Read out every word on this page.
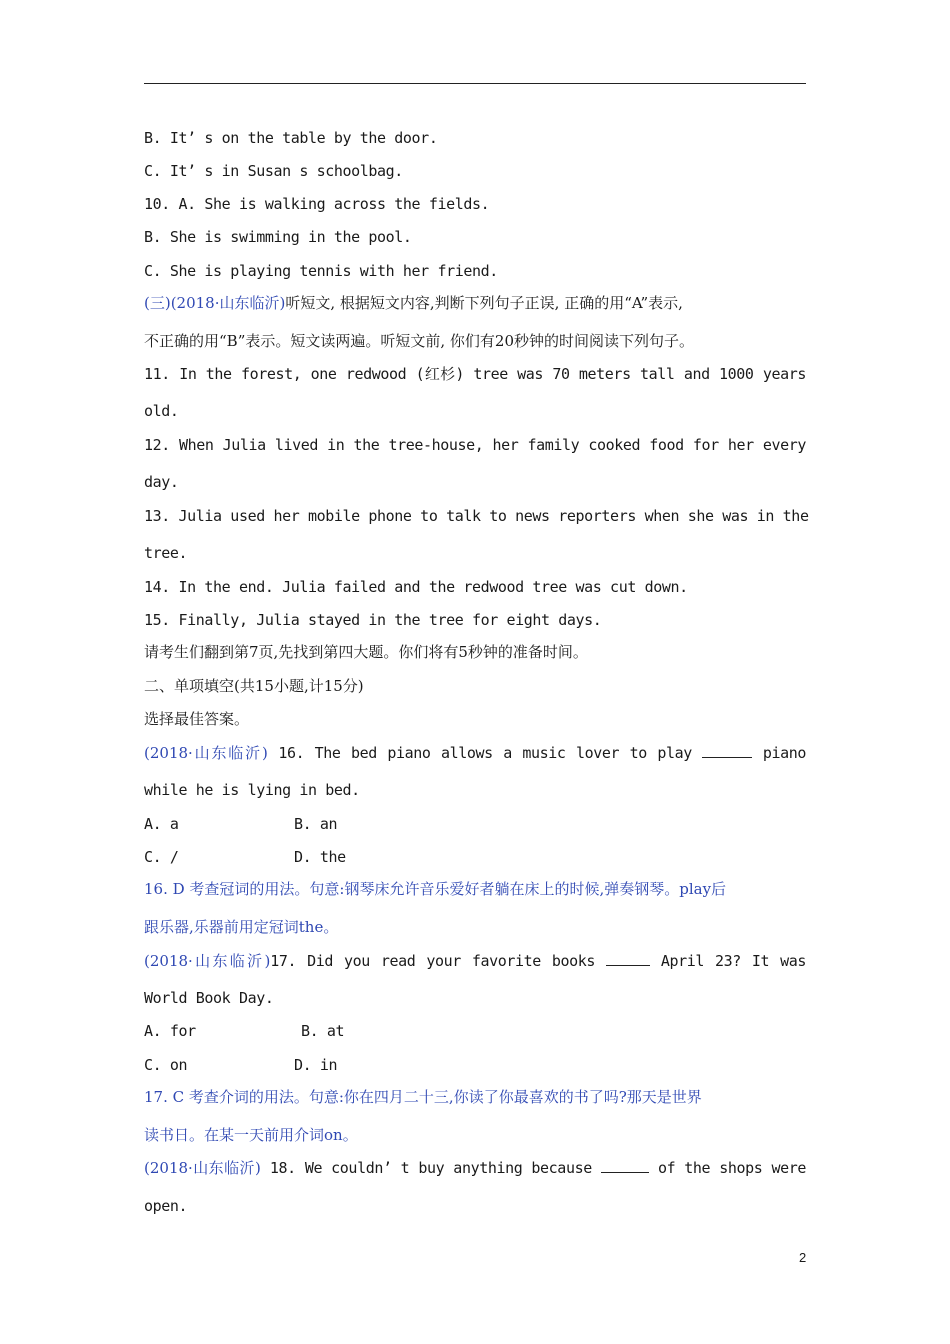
B. It’ s on the table by the door.
C. It’ s in Susan s schoolbag.
10. A. She is walking across the fields.
B. She is swimming in the pool.
C. She is playing tennis with her friend.
(三)(2018·山东临沂)听短文, 根据短文内容,判断下列句子正误, 正确的用“A”表示,
不正确的用“B”表示。短文读两遍。听短文前, 你们有20秒钟的时间阅读下列句子。
11. In the forest, one redwood (红杉) tree was 70 meters tall and 1000 years
old.
12. When Julia lived in the tree-house, her family cooked food for her every
day.
13. Julia used her mobile phone to talk to news reporters when she was in the
tree.
14. In the end. Julia failed and the redwood tree was cut down.
15. Finally, Julia stayed in the tree for eight days.
请考生们翻到第7页,先找到第四大题。你们将有5秒钟的准备时间。
二、单项填空(共15小题,计15分)
选择最佳答案。
(2018·山东临沂) 16. The bed piano allows a music lover to play	piano
while he is lying in bed.
A. a	B. an
C. /	D. the
16. D 考查冠词的用法。句意:钢琴床允许音乐爱好者躺在床上的时候,弹奏钢琴。play后
跟乐器,乐器前用定冠词the。
(2018·山东临沂)17. Did you read your favorite books	April 23? It was
World Book Day.
A. for	B. at
C. on	D. in
17. C 考查介词的用法。句意:你在四月二十三,你读了你最喜欢的书了吗?那天是世界
读书日。在某一天前用介词on。
(2018·山东临沂) 18. We couldn’ t buy anything because	of the shops were
open.
2
